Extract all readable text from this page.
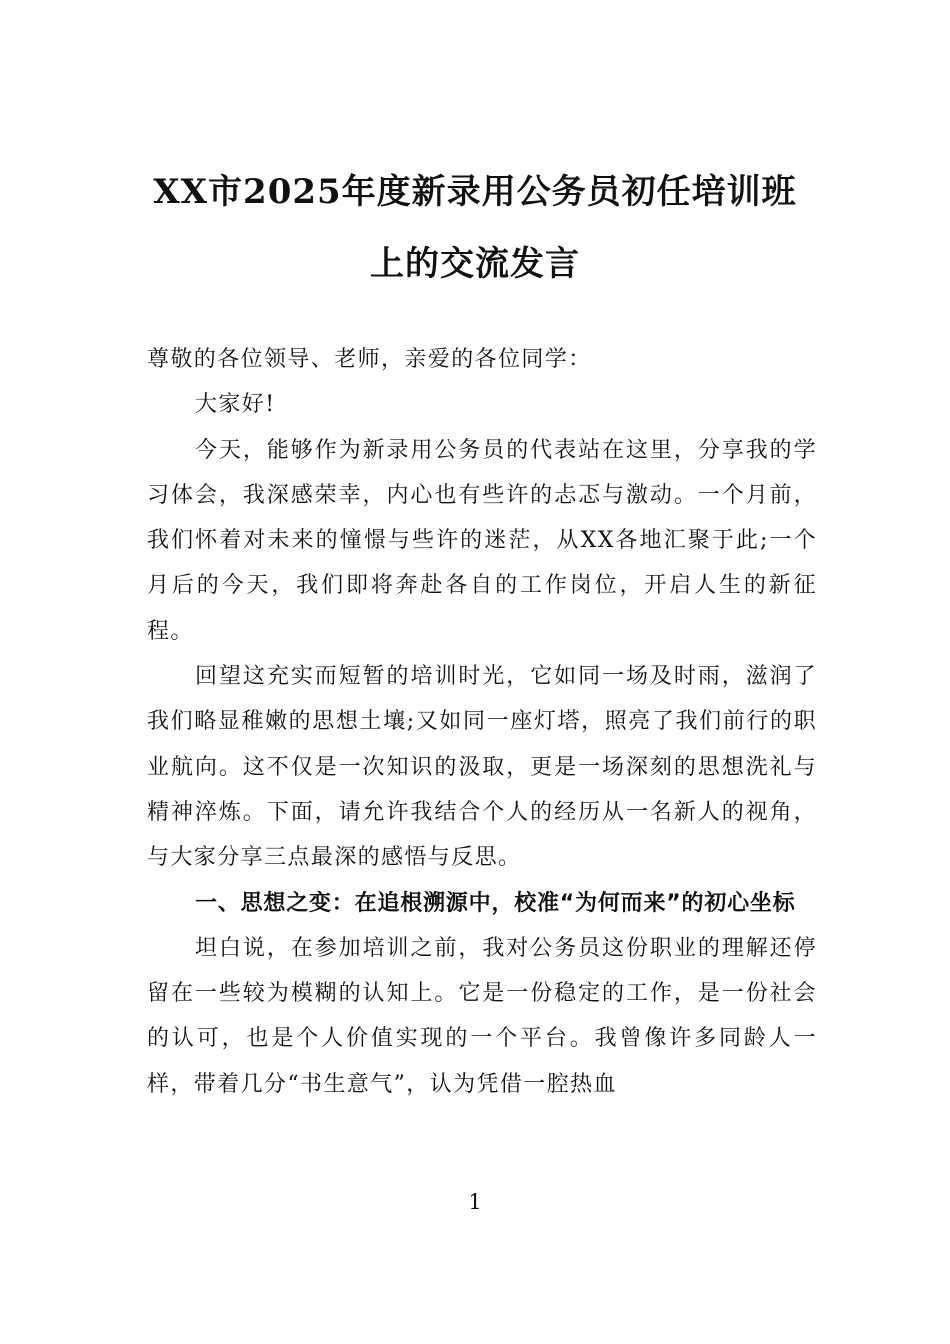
XX市2025年度新录用公务员初任培训班
上的交流发言

尊敬的各位领导、老师，亲爱的各位同学：

大家好!

今天，能够作为新录用公务员的代表站在这里，分享我的学习体会，我深感荣幸，内心也有些许的忐忑与激动。一个月前，我们怀着对未来的憧憬与些许的迷茫，从XX各地汇聚于此;一个月后的今天，我们即将奔赴各自的工作岗位，开启人生的新征程。

回望这充实而短暂的培训时光，它如同一场及时雨，滋润了我们略显稚嫩的思想土壤;又如同一座灯塔，照亮了我们前行的职业航向。这不仅是一次知识的汲取，更是一场深刻的思想洗礼与精神淬炼。下面，请允许我结合个人的经历从一名新人的视角，与大家分享三点最深的感悟与反思。

一、思想之变：在追根溯源中，校准“为何而来”的初心坐标

坦白说，在参加培训之前，我对公务员这份职业的理解还停留在一些较为模糊的认知上。它是一份稳定的工作，是一份社会的认可，也是个人价值实现的一个平台。我曾像许多同龄人一样，带着几分“书生意气”，认为凭借一腔热血

1
